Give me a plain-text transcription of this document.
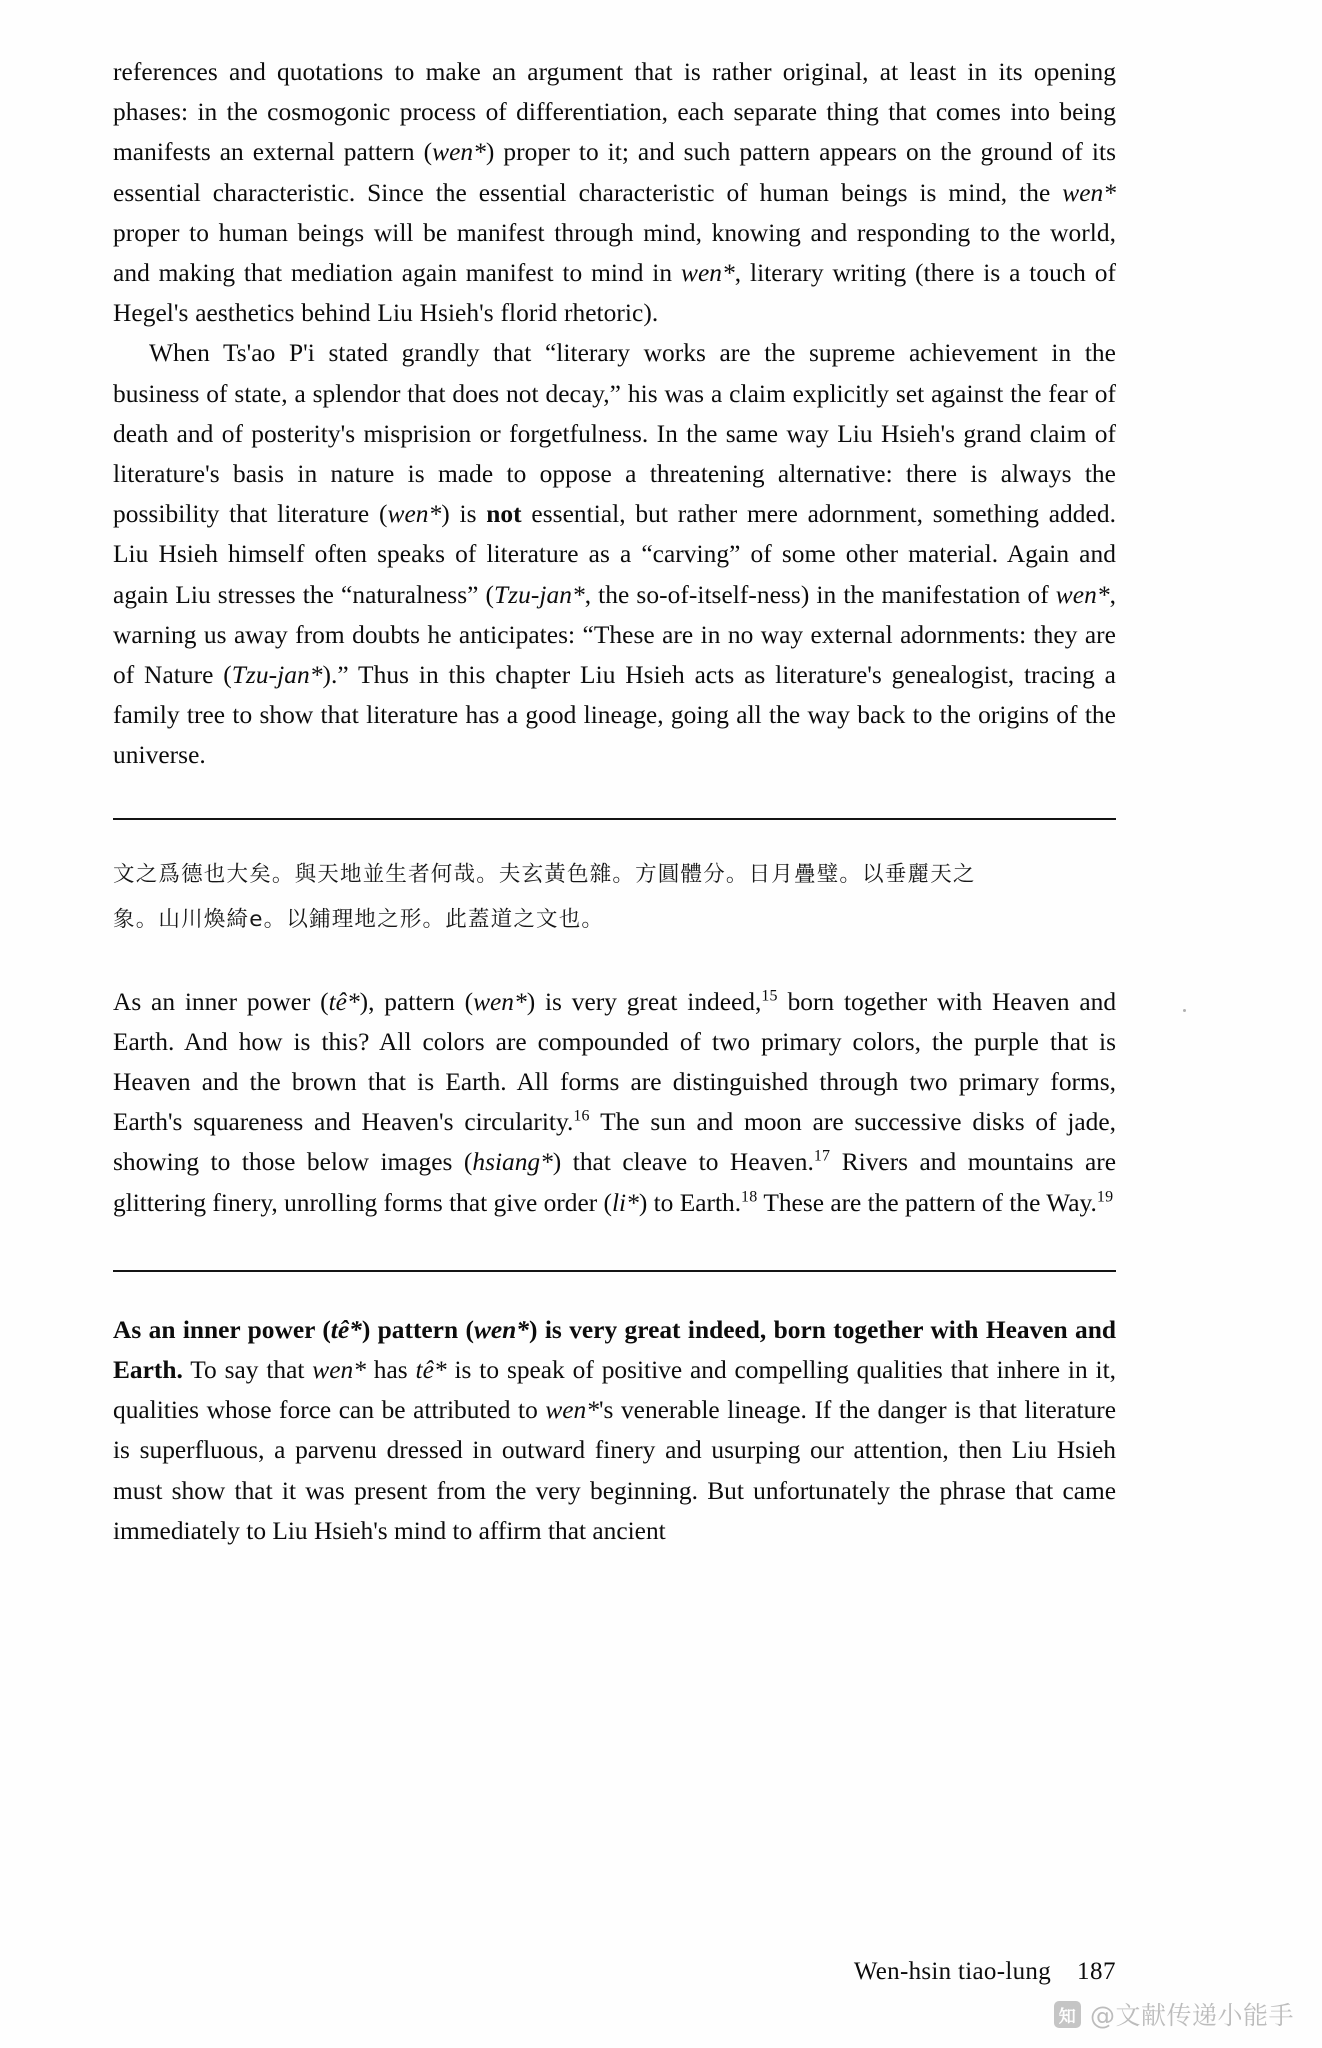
references and quotations to make an argument that is rather original, at least in its opening phases: in the cosmogonic process of differentiation, each separate thing that comes into being manifests an external pattern (wen*) proper to it; and such pattern appears on the ground of its essential characteristic. Since the essential characteristic of human beings is mind, the wen* proper to human beings will be manifest through mind, knowing and responding to the world, and making that mediation again manifest to mind in wen*, literary writing (there is a touch of Hegel's aesthetics behind Liu Hsieh's florid rhetoric).

When Ts'ao P'i stated grandly that “literary works are the supreme achievement in the business of state, a splendor that does not decay,” his was a claim explicitly set against the fear of death and of posterity's misprision or forgetfulness. In the same way Liu Hsieh's grand claim of literature's basis in nature is made to oppose a threatening alternative: there is always the possibility that literature (wen*) is not essential, but rather mere adornment, something added. Liu Hsieh himself often speaks of literature as a “carving” of some other material. Again and again Liu stresses the “naturalness” (Tzu-jan*, the so-of-itself-ness) in the manifestation of wen*, warning us away from doubts he anticipates: “These are in no way external adornments: they are of Nature (Tzu-jan*).” Thus in this chapter Liu Hsieh acts as literature's genealogist, tracing a family tree to show that literature has a good lineage, going all the way back to the origins of the universe.

文之爲德也大矣。與天地並生者何哉。夫玄黃色雜。方圓體分。日月疊璧。以垂麗天之
象。山川煥綺e。以鋪理地之形。此蓋道之文也。

As an inner power (tê*), pattern (wen*) is very great indeed,$^{15}$ born together with Heaven and Earth. And how is this? All colors are compounded of two primary colors, the purple that is Heaven and the brown that is Earth. All forms are distinguished through two primary forms, Earth's squareness and Heaven's circularity.$^{16}$ The sun and moon are successive disks of jade, showing to those below images (hsiang*) that cleave to Heaven.$^{17}$ Rivers and mountains are glittering finery, unrolling forms that give order (li*) to Earth.$^{18}$ These are the pattern of the Way.$^{19}$

As an inner power (tê*) pattern (wen*) is very great indeed, born together with Heaven and Earth. To say that wen* has tê* is to speak of positive and compelling qualities that inhere in it, qualities whose force can be attributed to wen*'s venerable lineage. If the danger is that literature is superfluous, a parvenu dressed in outward finery and usurping our attention, then Liu Hsieh must show that it was present from the very beginning. But unfortunately the phrase that came immediately to Liu Hsieh's mind to affirm that ancient

Wen-hsin tiao-lung 187
知 @文献传递小能手
